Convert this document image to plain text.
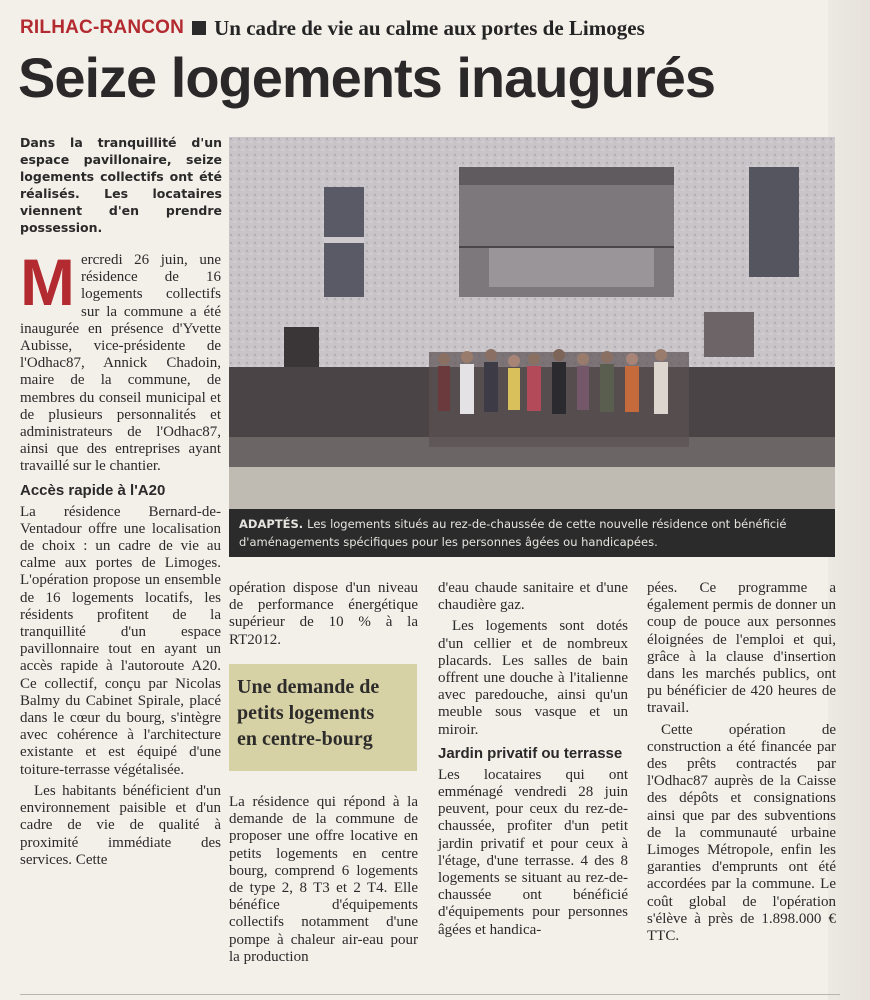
RILHAC-RANCON Un cadre de vie au calme aux portes de Limoges
Seize logements inaugurés
Dans la tranquillité d'un espace pavillonaire, seize logements collectifs ont été réalisés. Les locataires viennent d'en prendre possession.

Mercredi 26 juin, une résidence de 16 logements collectifs sur la commune a été inaugurée en présence d'Yvette Aubisse, vice-présidente de l'Odhac87, Annick Chadoin, maire de la commune, de membres du conseil municipal et de plusieurs personnalités et administrateurs de l'Odhac87, ainsi que des entreprises ayant travaillé sur le chantier.

Accès rapide à l'A20

La résidence Bernard-de-Ventadour offre une localisation de choix : un cadre de vie au calme aux portes de Limoges. L'opération propose un ensemble de 16 logements locatifs, les résidents profitent de la tranquillité d'un espace pavillonnaire tout en ayant un accès rapide à l'autoroute A20. Ce collectif, conçu par Nicolas Balmy du Cabinet Spirale, placé dans le cœur du bourg, s'intègre avec cohérence à l'architecture existante et est équipé d'une toiture-terrasse végétalisée.

Les habitants bénéficient d'un environnement paisible et d'un cadre de vie de qualité à proximité immédiate des services. Cette

ADAPTÉS. Les logements situés au rez-de-chaussée de cette nouvelle résidence ont bénéficié d'aménagements spécifiques pour les personnes âgées ou handicapées.

opération dispose d'un niveau de performance énergétique supérieur de 10 % à la RT2012.

Une demande de
petits logements
en centre-bourg

La résidence qui répond à la demande de la commune de proposer une offre locative en petits logements en centre bourg, comprend 6 logements de type 2, 8 T3 et 2 T4. Elle bénéfice d'équipements collectifs notamment d'une pompe à chaleur air-eau pour la production

d'eau chaude sanitaire et d'une chaudière gaz.

Les logements sont dotés d'un cellier et de nombreux placards. Les salles de bain offrent une douche à l'italienne avec paredouche, ainsi qu'un meuble sous vasque et un miroir.

Jardin privatif ou terrasse

Les locataires qui ont emménagé vendredi 28 juin peuvent, pour ceux du rez-de-chaussée, profiter d'un petit jardin privatif et pour ceux à l'étage, d'une terrasse. 4 des 8 logements se situant au rez-de-chaussée ont bénéficié d'équipements pour personnes âgées et handica-

pées. Ce programme a également permis de donner un coup de pouce aux personnes éloignées de l'emploi et qui, grâce à la clause d'insertion dans les marchés publics, ont pu bénéficier de 420 heures de travail.

Cette opération de construction a été financée par des prêts contractés par l'Odhac87 auprès de la Caisse des dépôts et consignations ainsi que par des subventions de la communauté urbaine Limoges Métropole, enfin les garanties d'emprunts ont été accordées par la commune. Le coût global de l'opération s'élève à près de 1.898.000 € TTC.
